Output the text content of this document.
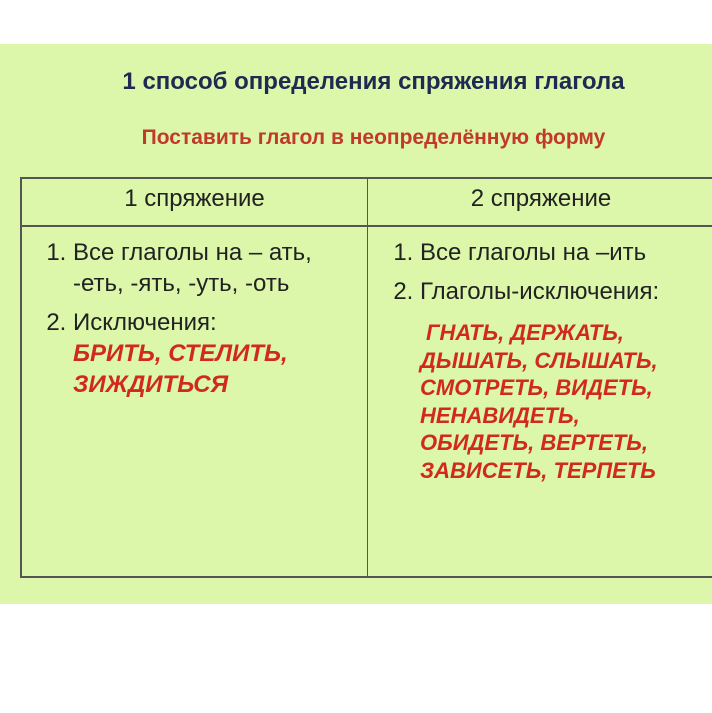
1 способ определения спряжения глагола
Поставить глагол в неопределённую форму
1 спряжение	2 спряжение
1. Все глаголы на – ать, -еть, -ять, -уть, -оть
2. Исключения:
БРИТЬ, СТЕЛИТЬ, ЗИЖДИТЬСЯ
1. Все глаголы на –ить
2. Глаголы-исключения:
ГНАТЬ, ДЕРЖАТЬ,
ДЫШАТЬ, СЛЫШАТЬ,
СМОТРЕТЬ, ВИДЕТЬ,
НЕНАВИДЕТЬ,
ОБИДЕТЬ, ВЕРТЕТЬ,
ЗАВИСЕТЬ, ТЕРПЕТЬ
